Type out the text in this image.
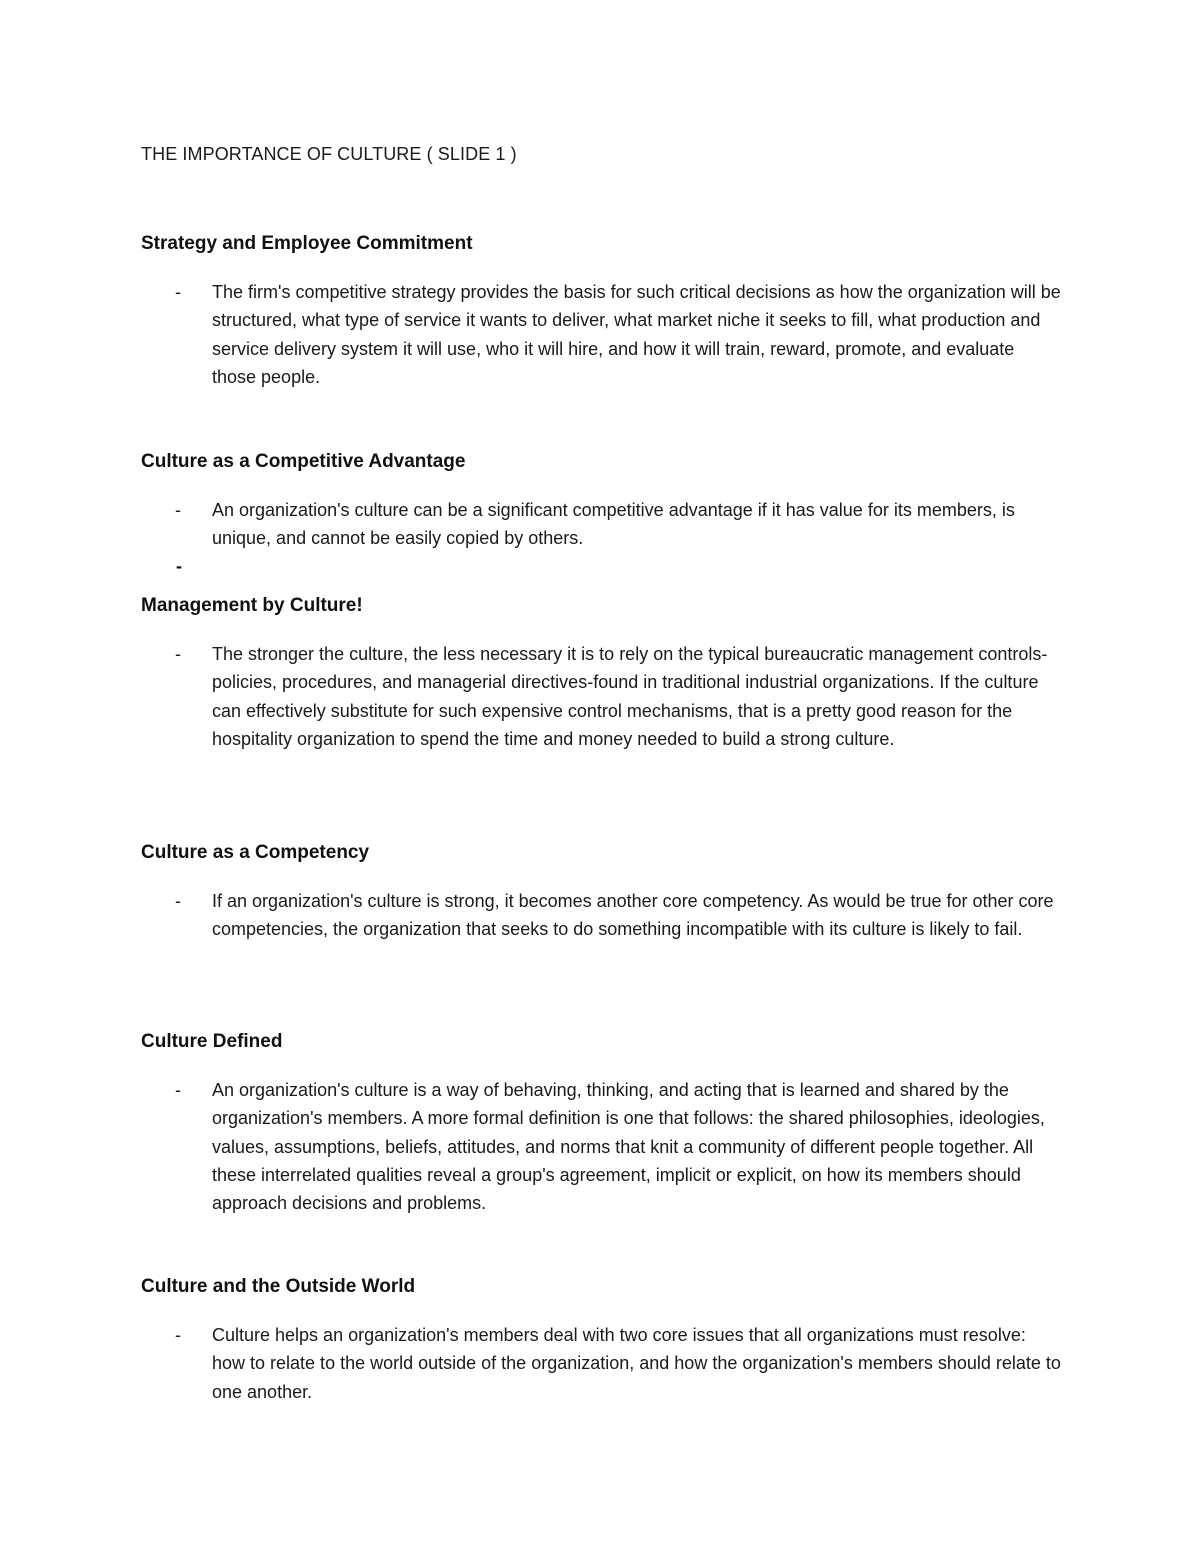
THE IMPORTANCE OF CULTURE ( SLIDE 1 )
Strategy and Employee Commitment
- The firm's competitive strategy provides the basis for such critical decisions as how the organization will be structured, what type of service it wants to deliver, what market niche it seeks to fill, what production and service delivery system it will use, who it will hire, and how it will train, reward, promote, and evaluate those people.

Culture as a Competitive Advantage
- An organization's culture can be a significant competitive advantage if it has value for its members, is unique, and cannot be easily copied by others.

-
Management by Culture!
- The stronger the culture, the less necessary it is to rely on the typical bureaucratic management controls-policies, procedures, and managerial directives-found in traditional industrial organizations. If the culture can effectively substitute for such expensive control mechanisms, that is a pretty good reason for the hospitality organization to spend the time and money needed to build a strong culture.

Culture as a Competency
- If an organization's culture is strong, it becomes another core competency. As would be true for other core competencies, the organization that seeks to do something incompatible with its culture is likely to fail.

Culture Defined
- An organization's culture is a way of behaving, thinking, and acting that is learned and shared by the organization's members. A more formal definition is one that follows: the shared philosophies, ideologies, values, assumptions, beliefs, attitudes, and norms that knit a community of different people together. All these interrelated qualities reveal a group's agreement, implicit or explicit, on how its members should approach decisions and problems.

Culture and the Outside World
- Culture helps an organization's members deal with two core issues that all organizations must resolve: how to relate to the world outside of the organization, and how the organization's members should relate to one another.
